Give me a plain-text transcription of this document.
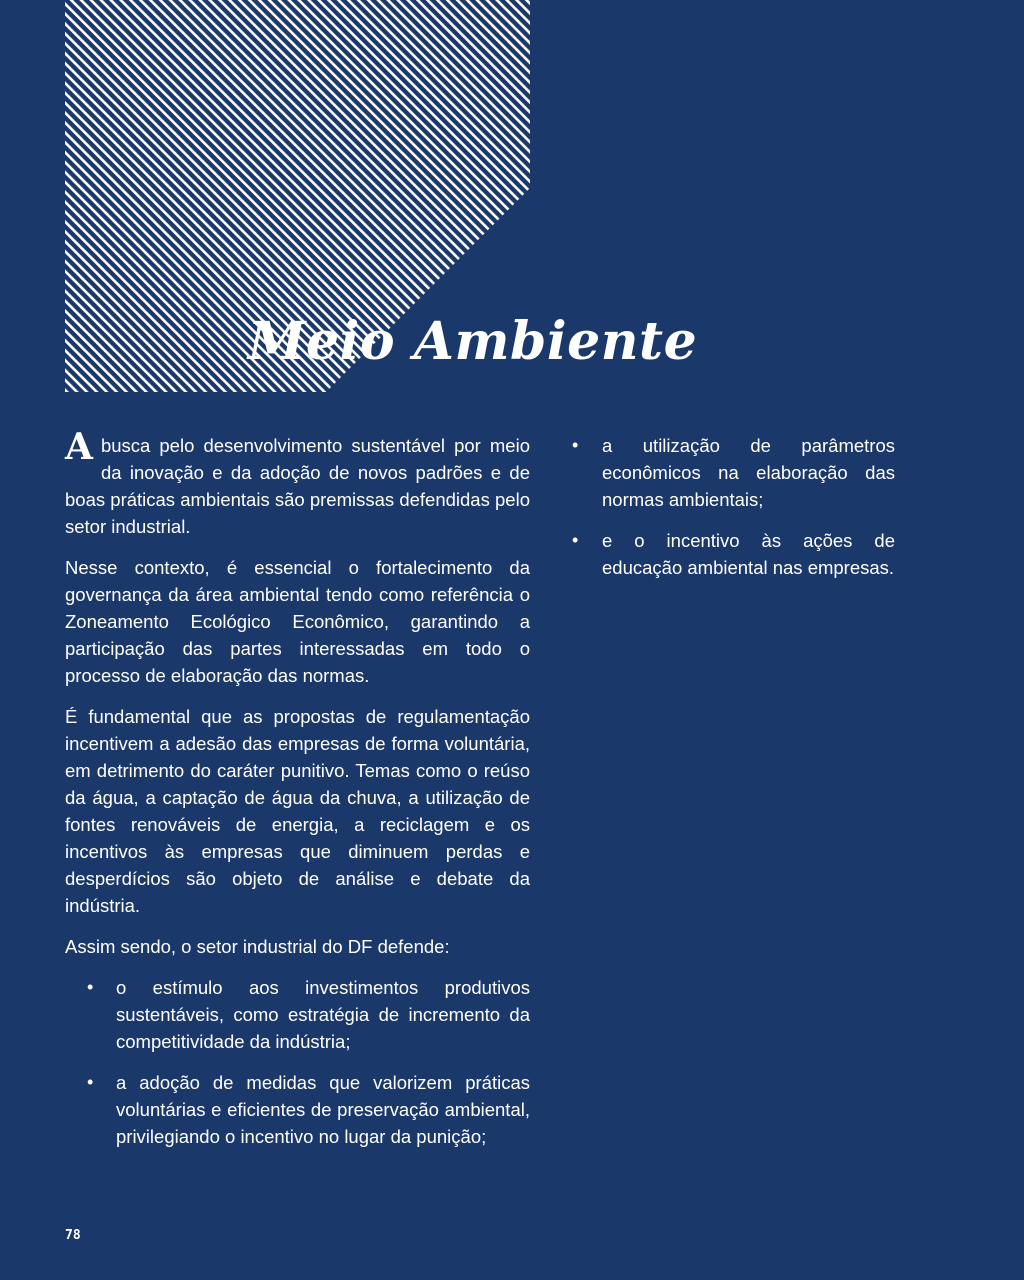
Meio Ambiente

A busca pelo desenvolvimento sustentável por meio da inovação e da adoção de novos padrões e de boas práticas ambientais são premissas defendidas pelo setor industrial.

Nesse contexto, é essencial o fortalecimento da governança da área ambiental tendo como referência o Zoneamento Ecológico Econômico, garantindo a participação das partes interessadas em todo o processo de elaboração das normas.

É fundamental que as propostas de regulamentação incentivem a adesão das empresas de forma voluntária, em detrimento do caráter punitivo. Temas como o reúso da água, a captação de água da chuva, a utilização de fontes renováveis de energia, a reciclagem e os incentivos às empresas que diminuem perdas e desperdícios são objeto de análise e debate da indústria.

Assim sendo, o setor industrial do DF defende:

• o estímulo aos investimentos produtivos sustentáveis, como estratégia de incremento da competitividade da indústria;
• a adoção de medidas que valorizem práticas voluntárias e eficientes de preservação ambiental, privilegiando o incentivo no lugar da punição;
• a utilização de parâmetros econômicos na elaboração das normas ambientais;
• e o incentivo às ações de educação ambiental nas empresas.
78
